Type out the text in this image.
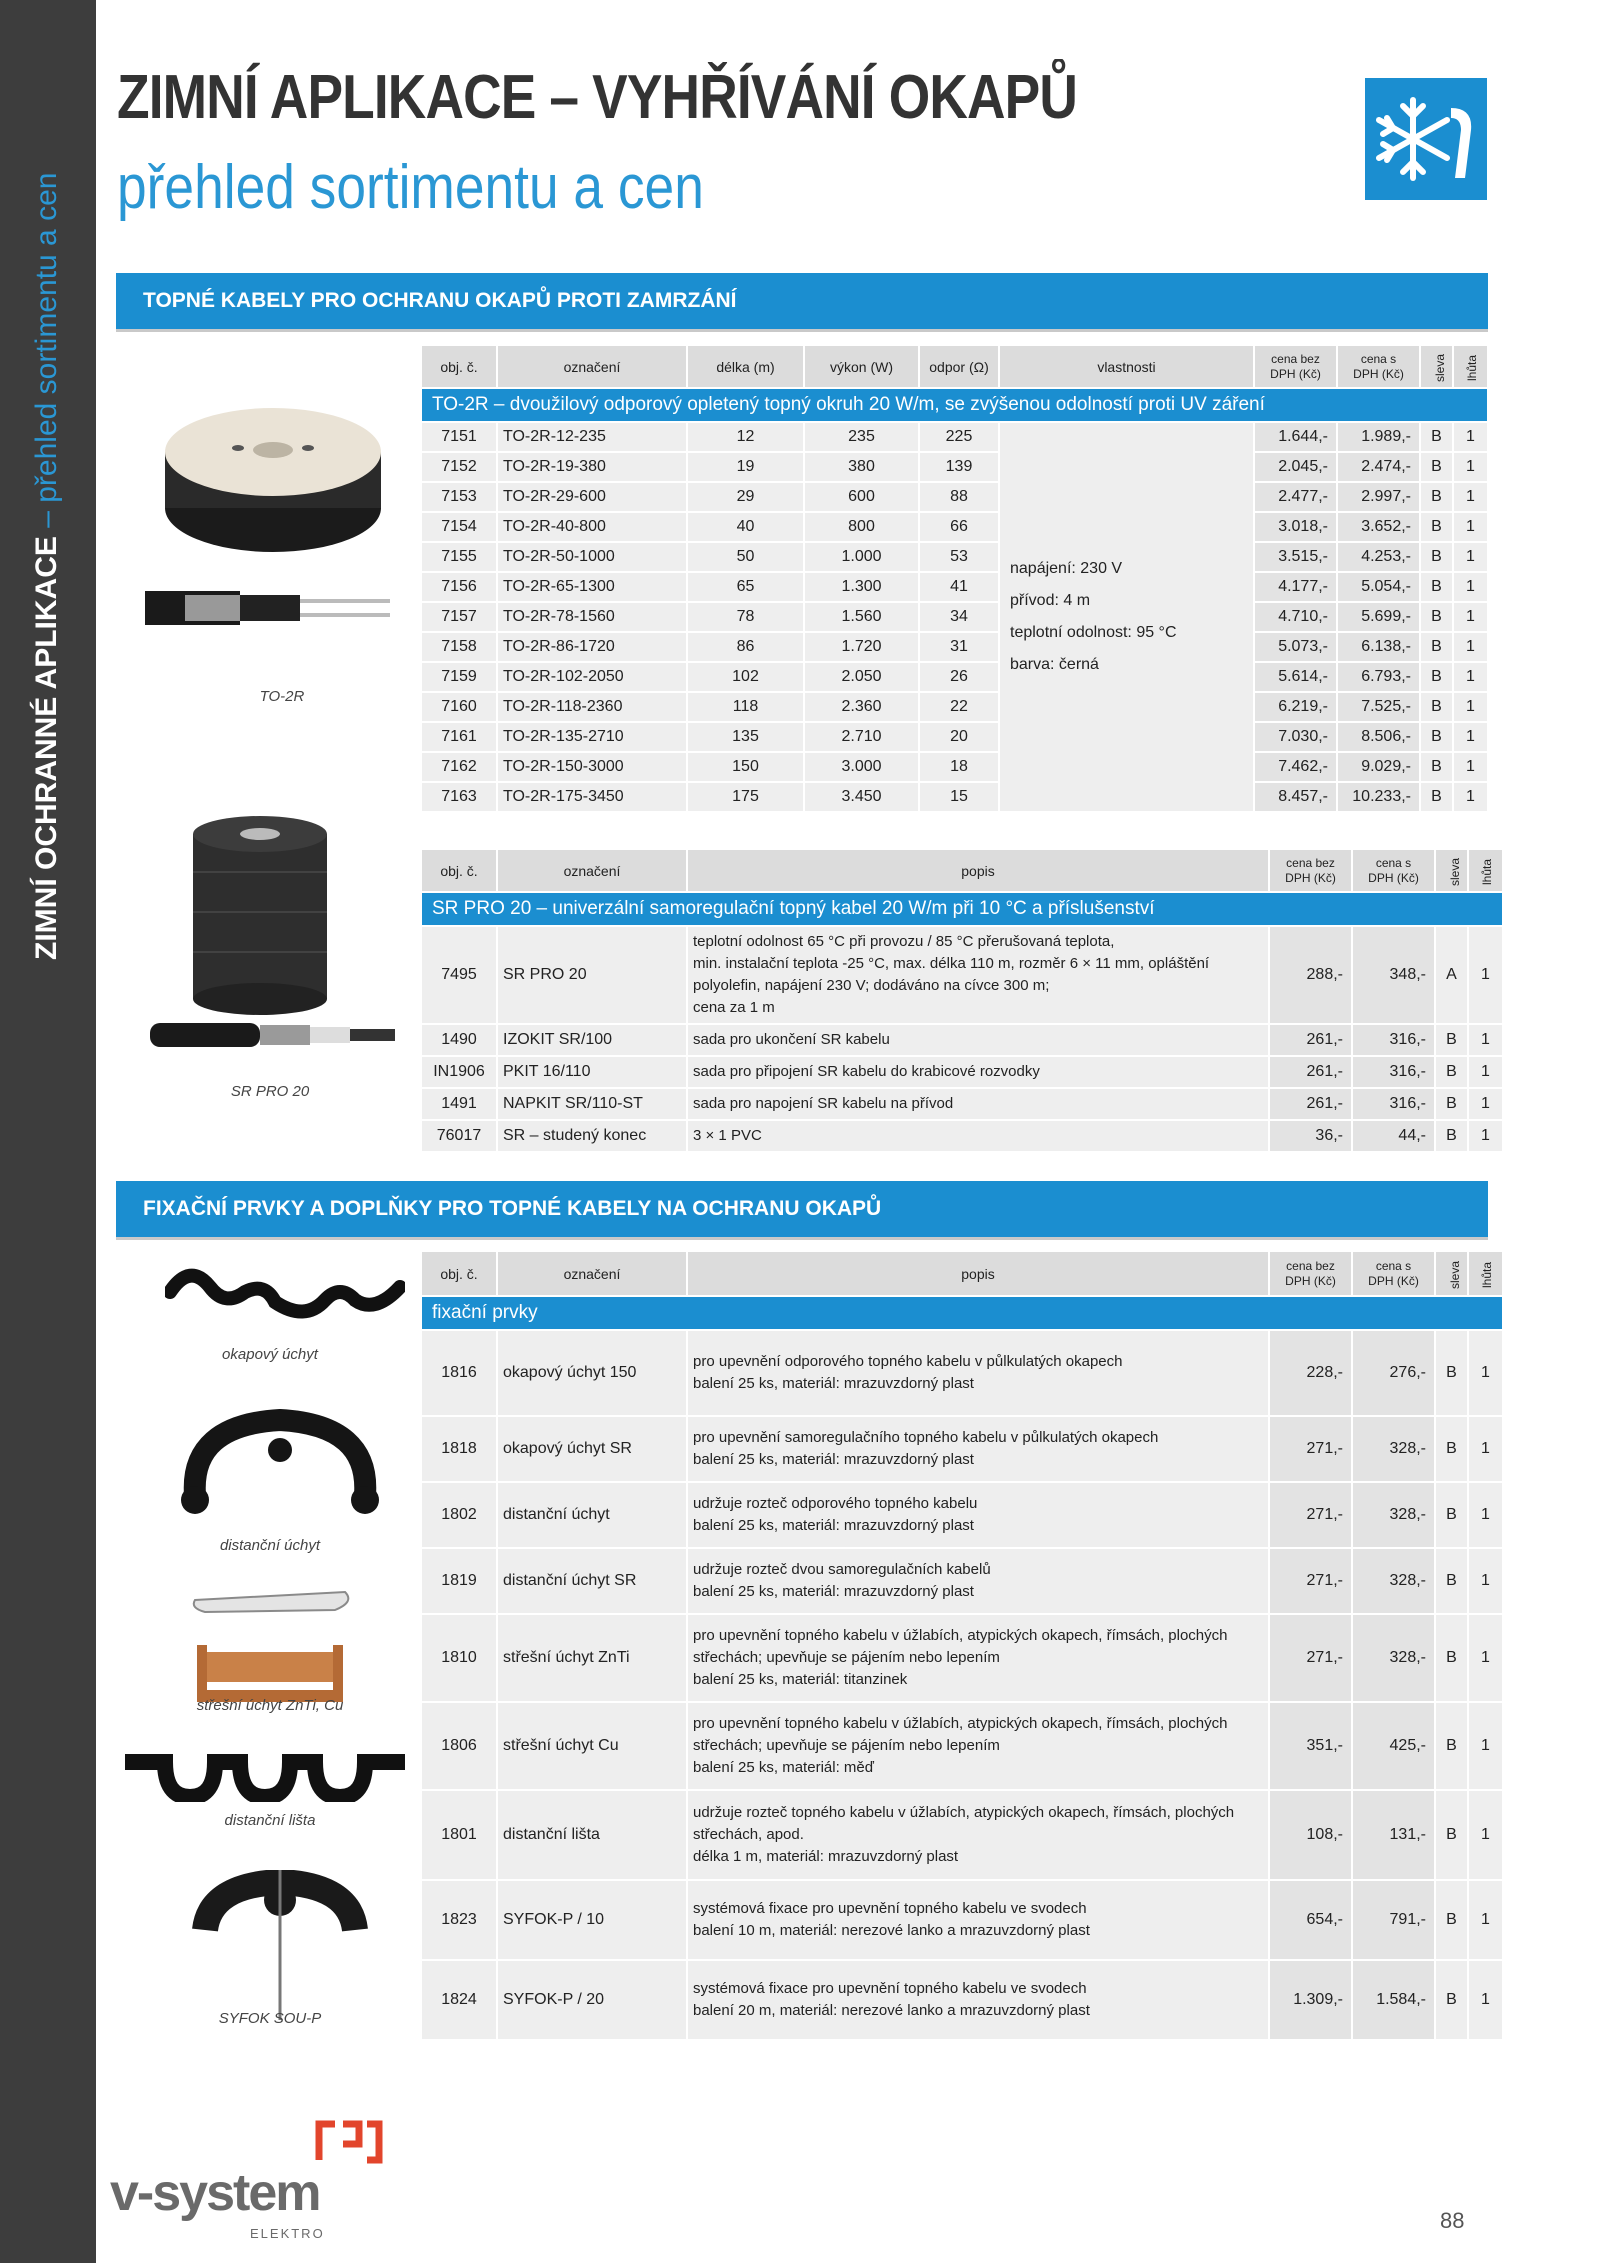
ZIMNÍ OCHRANNÉ APLIKACE – přehled sortimentu a cen
ZIMNÍ APLIKACE – VYHŘÍVÁNÍ OKAPŮ
přehled sortimentu a cen
TOPNÉ KABELY PRO OCHRANU OKAPŮ PROTI ZAMRZÁNÍ
TO-2R
SR PRO 20
obj. č.	označení	délka (m)	výkon (W)	odpor (Ω)	vlastnosti	cena bez
DPH (Kč)	cena s
DPH (Kč)	sleva	lhůta
TO-2R – dvoužilový odporový opletený topný okruh 20 W/m, se zvýšenou odolností proti UV záření									
7151	TO-2R-12-235	12	235	225	napájení: 230 V
přívod: 4 m
teplotní odolnost: 95 °C
barva: černá	1.644,-	1.989,-	B	1
7152	TO-2R-19-380	19	380	139		2.045,-	2.474,-	B	1
7153	TO-2R-29-600	29	600	88		2.477,-	2.997,-	B	1
7154	TO-2R-40-800	40	800	66		3.018,-	3.652,-	B	1
7155	TO-2R-50-1000	50	1.000	53		3.515,-	4.253,-	B	1
7156	TO-2R-65-1300	65	1.300	41		4.177,-	5.054,-	B	1
7157	TO-2R-78-1560	78	1.560	34		4.710,-	5.699,-	B	1
7158	TO-2R-86-1720	86	1.720	31		5.073,-	6.138,-	B	1
7159	TO-2R-102-2050	102	2.050	26		5.614,-	6.793,-	B	1
7160	TO-2R-118-2360	118	2.360	22		6.219,-	7.525,-	B	1
7161	TO-2R-135-2710	135	2.710	20		7.030,-	8.506,-	B	1
7162	TO-2R-150-3000	150	3.000	18		7.462,-	9.029,-	B	1
7163	TO-2R-175-3450	175	3.450	15		8.457,-	10.233,-	B	1
obj. č.	označení	popis	cena bez
DPH (Kč)	cena s
DPH (Kč)	sleva	lhůta
SR PRO 20 – univerzální samoregulační topný kabel 20 W/m při 10 °C a příslušenství						
7495	SR PRO 20	teplotní odolnost 65 °C při provozu / 85 °C přerušovaná teplota,
min. instalační teplota -25 °C, max. délka 110 m, rozměr 6 × 11 mm, opláštění
polyolefin, napájení 230 V; dodáváno na cívce 300 m;
cena za 1 m	288,-	348,-	A	1
1490	IZOKIT SR/100	sada pro ukončení SR kabelu	261,-	316,-	B	1
IN1906	PKIT 16/110	sada pro připojení SR kabelu do krabicové rozvodky	261,-	316,-	B	1
1491	NAPKIT SR/110-ST	sada pro napojení SR kabelu na přívod	261,-	316,-	B	1
76017	SR – studený konec	3 × 1 PVC	36,-	44,-	B	1
FIXAČNÍ PRVKY A DOPLŇKY PRO TOPNÉ KABELY NA OCHRANU OKAPŮ
okapový úchyt
distanční úchyt
střešní úchyt ZnTi, Cu
distanční lišta
SYFOK SOU-P
obj. č.	označení	popis	cena bez
DPH (Kč)	cena s
DPH (Kč)	sleva	lhůta
fixační prvky						
1816	okapový úchyt 150	pro upevnění odporového topného kabelu v půlkulatých okapech
balení 25 ks, materiál: mrazuvzdorný plast	228,-	276,-	B	1
1818	okapový úchyt SR	pro upevnění samoregulačního topného kabelu v půlkulatých okapech
balení 25 ks, materiál: mrazuvzdorný plast	271,-	328,-	B	1
1802	distanční úchyt	udržuje rozteč odporového topného kabelu
balení 25 ks, materiál: mrazuvzdorný plast	271,-	328,-	B	1
1819	distanční úchyt SR	udržuje rozteč dvou samoregulačních kabelů
balení 25 ks, materiál: mrazuvzdorný plast	271,-	328,-	B	1
1810	střešní úchyt ZnTi	pro upevnění topného kabelu v úžlabích, atypických okapech, římsách, plochých
střechách; upevňuje se pájením nebo lepením
balení 25 ks, materiál: titanzinek	271,-	328,-	B	1
1806	střešní úchyt Cu	pro upevnění topného kabelu v úžlabích, atypických okapech, římsách, plochých
střechách; upevňuje se pájením nebo lepením
balení 25 ks, materiál: měď	351,-	425,-	B	1
1801	distanční lišta	udržuje rozteč topného kabelu v úžlabích, atypických okapech, římsách, plochých
střechách, apod.
délka 1 m, materiál: mrazuvzdorný plast	108,-	131,-	B	1
1823	SYFOK-P / 10	systémová fixace pro upevnění topného kabelu ve svodech
balení 10 m, materiál: nerezové lanko a mrazuvzdorný plast	654,-	791,-	B	1
1824	SYFOK-P / 20	systémová fixace pro upevnění topného kabelu ve svodech
balení 20 m, materiál: nerezové lanko a mrazuvzdorný plast	1.309,-	1.584,-	B	1
v-system
ELEKTRO
88
